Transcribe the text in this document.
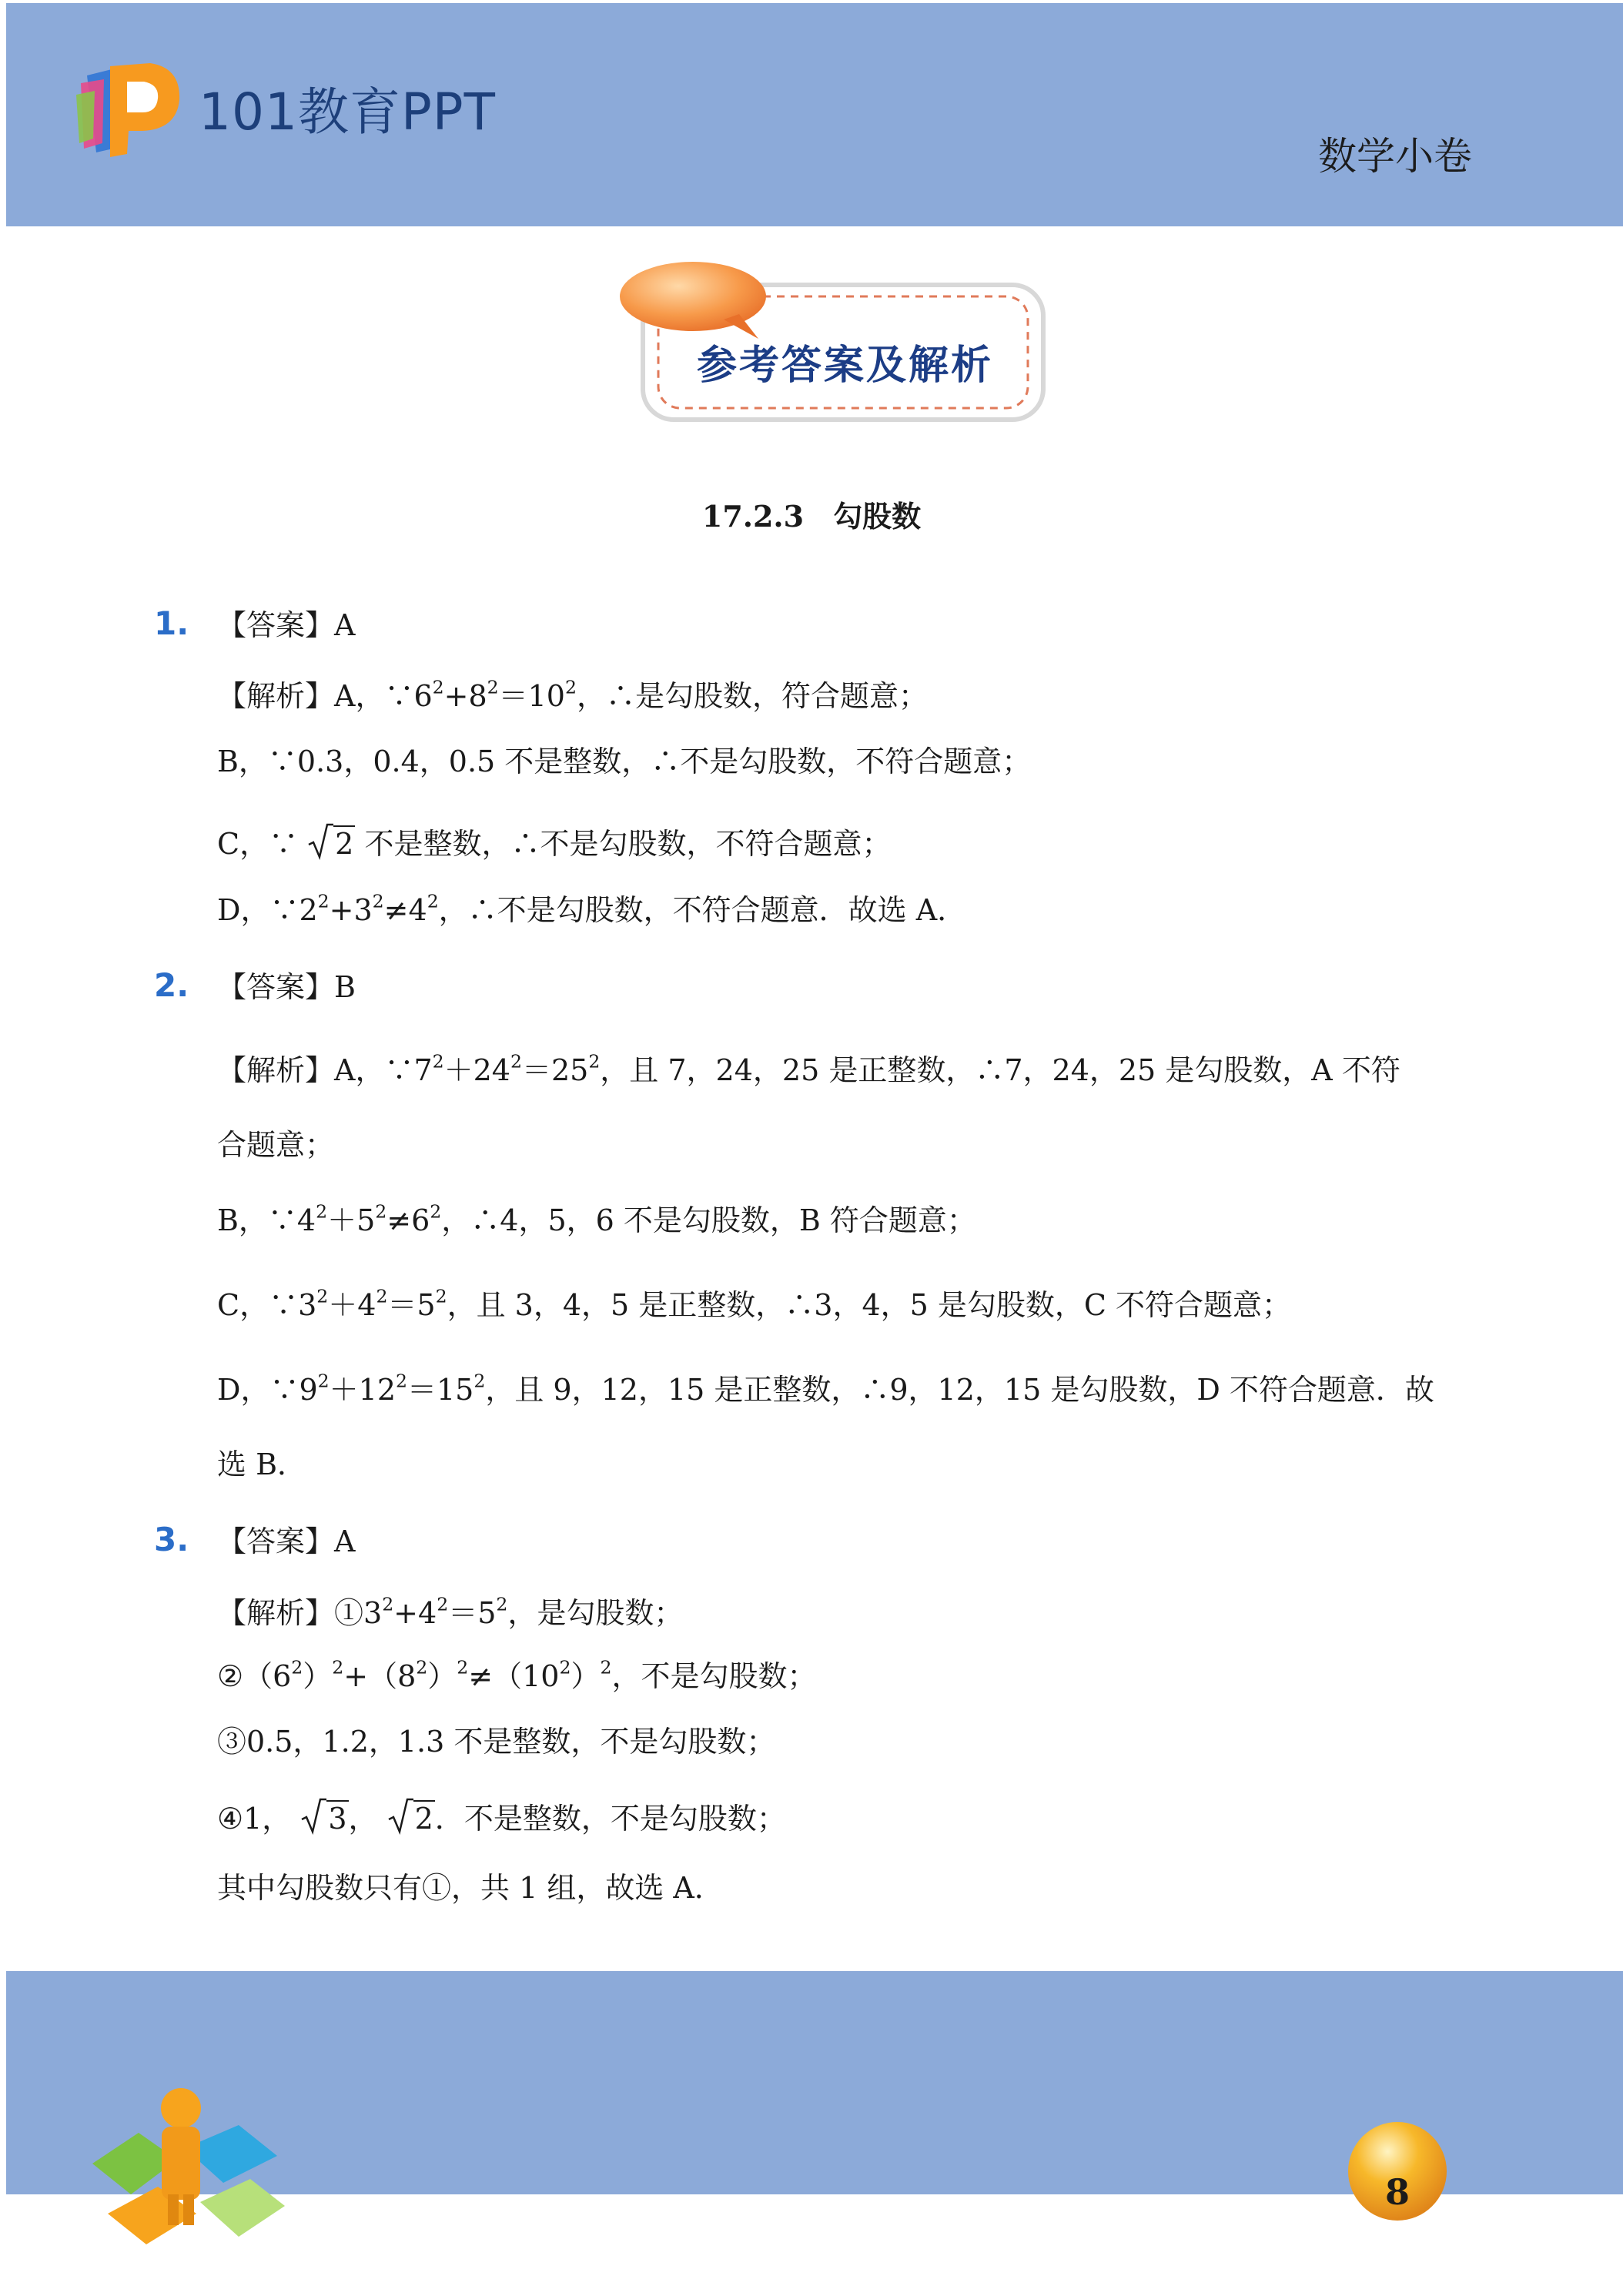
101教育PPT
数学小卷
参考答案及解析
17.2.3　勾股数
1. 【答案】A
【解析】A，$\because 6^2+8^2=10^2$，∴是勾股数，符合题意；
B，∵0.3，0.4，0.5 不是整数，∴不是勾股数，不符合题意；
C，∵ 2 不是整数，∴不是勾股数，不符合题意；
D，$\because 2^2+3^2\ne 4^2$，∴不是勾股数，不符合题意．故选 A．
2. 【答案】B
【解析】A，$\because 7^2+24^2=25^2$，且 7，24，25 是正整数，∴7，24，25 是勾股数，A 不符
合题意；
B，$\because 4^2+5^2\ne 6^2$，∴4，5，6 不是勾股数，B 符合题意；
C，$\because 3^2+4^2=5^2$，且 3，4，5 是正整数，∴3，4，5 是勾股数，C 不符合题意；
D，$\because 9^2+12^2=15^2$，且 9，12，15 是正整数，∴9，12，15 是勾股数，D 不符合题意．故
选 B．
3. 【答案】A
【解析】$①3^2+4^2=5^2$，是勾股数；
$②(6^2)^2+(8^2)^2\ne(10^2)^2$，不是勾股数；
③0.5，1.2，1.3 不是整数，不是勾股数；
④1， 3， 2．不是整数，不是勾股数；
其中勾股数只有①，共 1 组，故选 A．
8
